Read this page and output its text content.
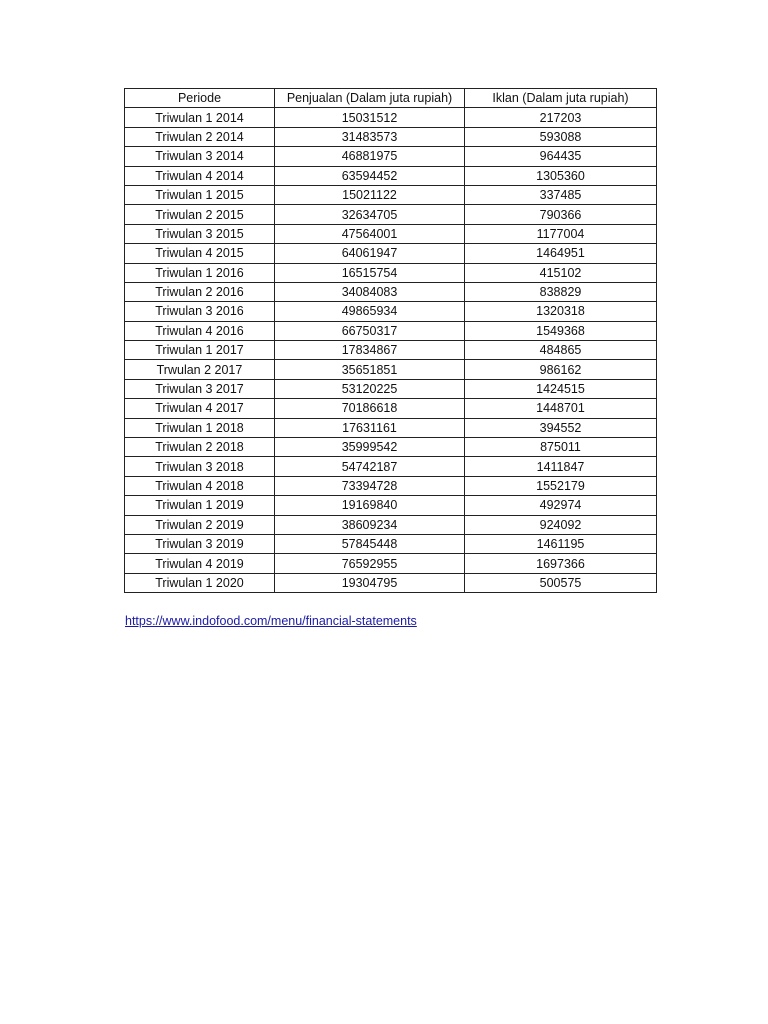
Periode	Penjualan (Dalam juta rupiah)	Iklan (Dalam juta rupiah)
Triwulan 1 2014	15031512	217203
Triwulan 2 2014	31483573	593088
Triwulan 3 2014	46881975	964435
Triwulan 4 2014	63594452	1305360
Triwulan 1 2015	15021122	337485
Triwulan 2 2015	32634705	790366
Triwulan 3 2015	47564001	1177004
Triwulan 4 2015	64061947	1464951
Triwulan 1 2016	16515754	415102
Triwulan 2 2016	34084083	838829
Triwulan 3 2016	49865934	1320318
Triwulan 4 2016	66750317	1549368
Triwulan 1 2017	17834867	484865
Trwulan 2 2017	35651851	986162
Triwulan 3 2017	53120225	1424515
Triwulan 4 2017	70186618	1448701
Triwulan 1 2018	17631161	394552
Triwulan 2 2018	35999542	875011
Triwulan 3 2018	54742187	1411847
Triwulan 4 2018	73394728	1552179
Triwulan 1 2019	19169840	492974
Triwulan 2 2019	38609234	924092
Triwulan 3 2019	57845448	1461195
Triwulan 4 2019	76592955	1697366
Triwulan 1 2020	19304795	500575
https://www.indofood.com/menu/financial-statements
